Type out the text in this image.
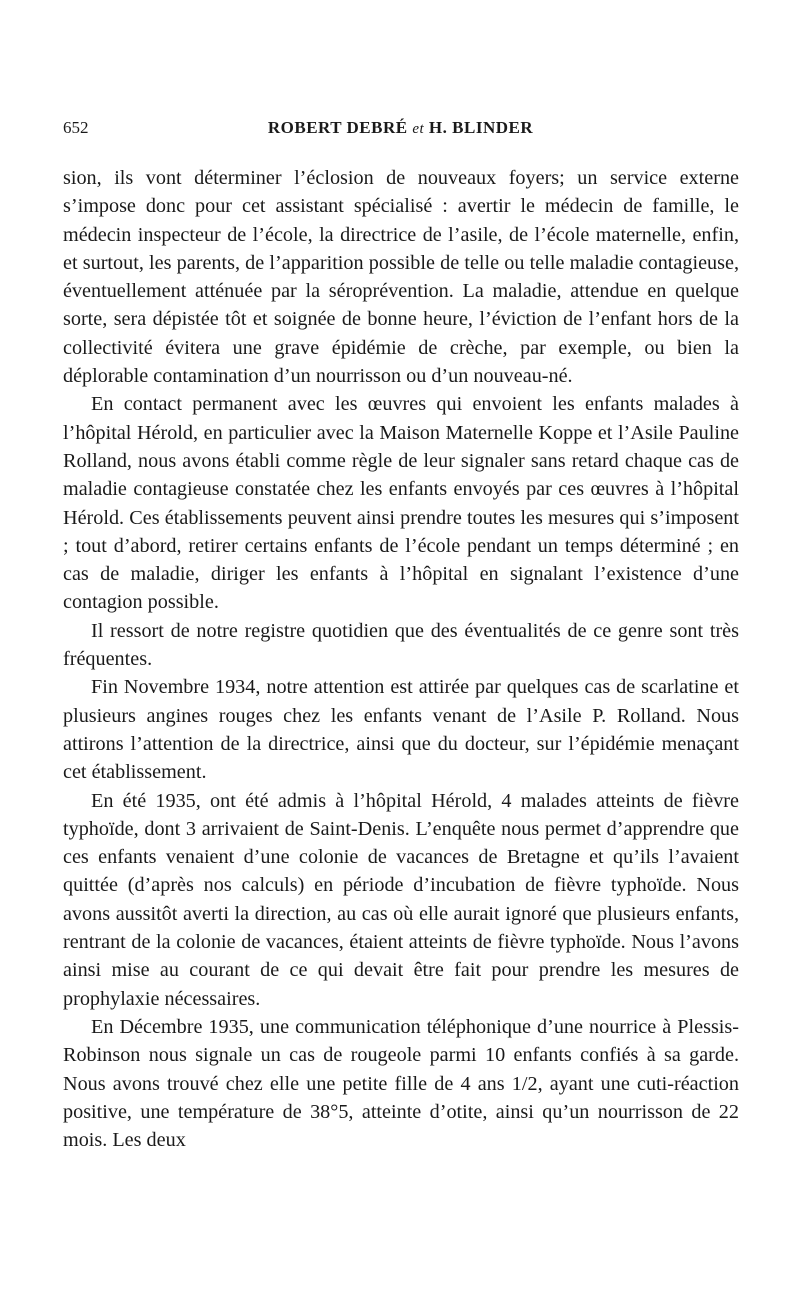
652	ROBERT DEBRÉ et H. BLINDER

sion, ils vont déterminer l’éclosion de nouveaux foyers; un service externe s’impose donc pour cet assistant spécialisé : avertir le médecin de famille, le médecin inspecteur de l’école, la directrice de l’asile, de l’école maternelle, enfin, et surtout, les parents, de l’apparition possible de telle ou telle maladie contagieuse, éventuellement atténuée par la séroprévention. La maladie, attendue en quelque sorte, sera dépistée tôt et soignée de bonne heure, l’éviction de l’enfant hors de la collectivité évitera une grave épidémie de crèche, par exemple, ou bien la déplorable contamination d’un nourrisson ou d’un nouveau-né.

En contact permanent avec les œuvres qui envoient les enfants malades à l’hôpital Hérold, en particulier avec la Maison Maternelle Koppe et l’Asile Pauline Rolland, nous avons établi comme règle de leur signaler sans retard chaque cas de maladie contagieuse constatée chez les enfants envoyés par ces œuvres à l’hôpital Hérold. Ces établissements peuvent ainsi prendre toutes les mesures qui s’imposent ; tout d’abord, retirer certains enfants de l’école pendant un temps déterminé ; en cas de maladie, diriger les enfants à l’hôpital en signalant l’existence d’une contagion possible.

Il ressort de notre registre quotidien que des éventualités de ce genre sont très fréquentes.

Fin Novembre 1934, notre attention est attirée par quelques cas de scarlatine et plusieurs angines rouges chez les enfants venant de l’Asile P. Rolland. Nous attirons l’attention de la directrice, ainsi que du docteur, sur l’épidémie menaçant cet établissement.

En été 1935, ont été admis à l’hôpital Hérold, 4 malades atteints de fièvre typhoïde, dont 3 arrivaient de Saint-Denis. L’enquête nous permet d’apprendre que ces enfants venaient d’une colonie de vacances de Bretagne et qu’ils l’avaient quittée (d’après nos calculs) en période d’incubation de fièvre typhoïde. Nous avons aussitôt averti la direction, au cas où elle aurait ignoré que plusieurs enfants, rentrant de la colonie de vacances, étaient atteints de fièvre typhoïde. Nous l’avons ainsi mise au courant de ce qui devait être fait pour prendre les mesures de prophylaxie nécessaires.

En Décembre 1935, une communication téléphonique d’une nourrice à Plessis-Robinson nous signale un cas de rougeole parmi 10 enfants confiés à sa garde. Nous avons trouvé chez elle une petite fille de 4 ans 1/2, ayant une cuti-réaction positive, une température de 38°5, atteinte d’otite, ainsi qu’un nourrisson de 22 mois. Les deux
